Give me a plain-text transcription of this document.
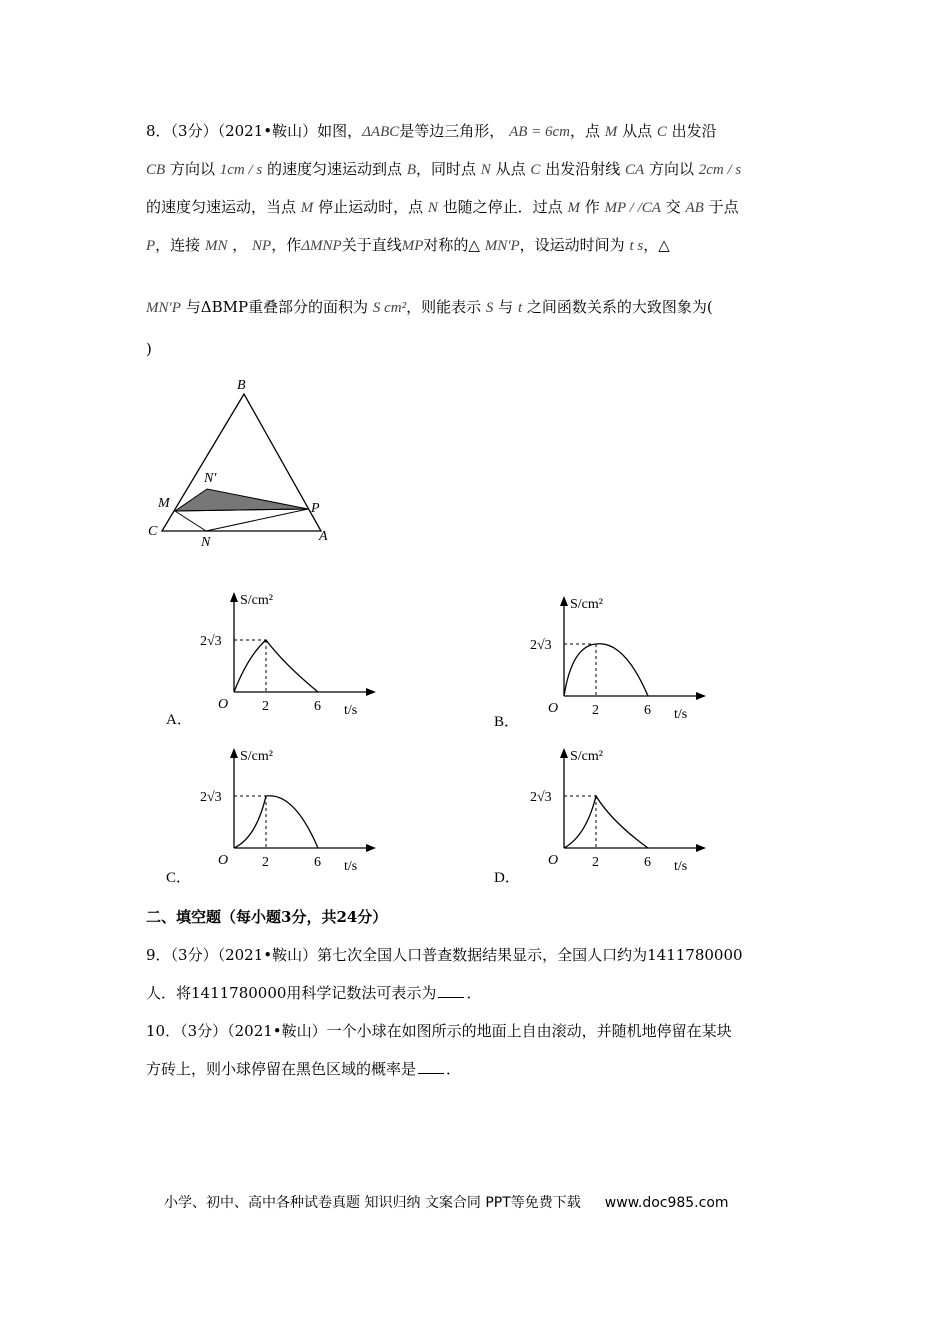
8．（3分）（2021•鞍山）如图，ΔABC是等边三角形， AB = 6cm，点 M 从点 C 出发沿
CB 方向以 1cm / s 的速度匀速运动到点 B，同时点 N 从点 C 出发沿射线 CA 方向以 2cm / s
的速度匀速运动，当点 M 停止运动时，点 N 也随之停止．过点 M 作 MP / /CA 交 AB 于点
P，连接 MN ， NP，作ΔMNP关于直线MP对称的△ MN′P，设运动时间为 t s，△
MN′P 与ΔBMP重叠部分的面积为 S cm²，则能表示 S 与 t 之间函数关系的大致图象为(
)
B
N′
M	P
C
N	A
A．
S/cm²
2√3
O 2	6 t/s
B．
S/cm²
2√3
O 2	6 t/s
C．
S/cm²
2√3
O 2	6 t/s
D．
S/cm²
2√3
O 2	6 t/s
二、填空题（每小题3分，共24分）
9．（3分）（2021•鞍山）第七次全国人口普查数据结果显示，全国人口约为1411780000
人．将1411780000用科学记数法可表示为 ．
10．（3分）（2021•鞍山）一个小球在如图所示的地面上自由滚动，并随机地停留在某块
方砖上，则小球停留在黑色区域的概率是 ．
小学、初中、高中各种试卷真题 知识归纳 文案合同 PPT等免费下载 www.doc985.com
